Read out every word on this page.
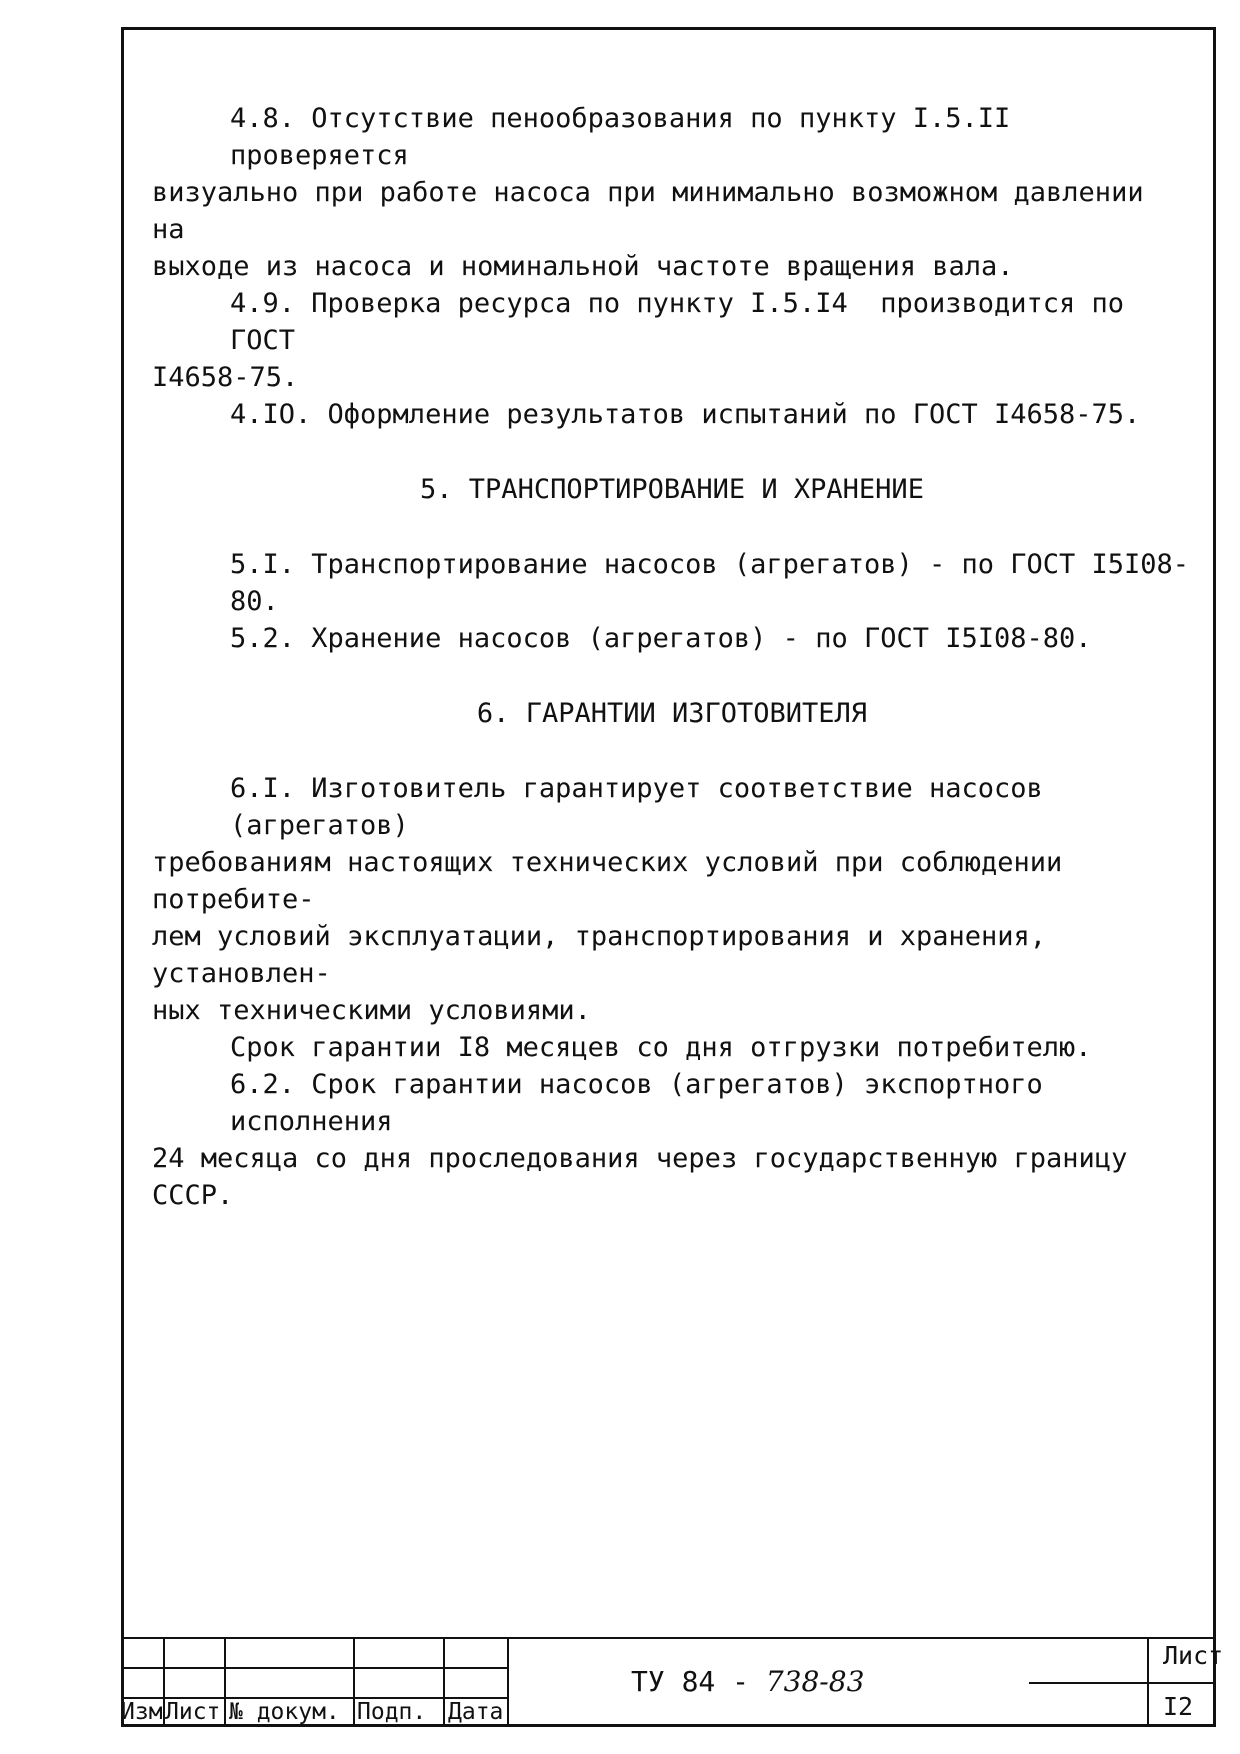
4.8. Отсутствие пенообразования по пункту I.5.II проверяется

визуально при работе насоса при минимально возможном давлении  на

выходе из насоса и номинальной частоте вращения вала.

4.9. Проверка ресурса по пункту I.5.I4  производится по ГОСТ

I4658-75.

4.IO. Оформление результатов испытаний по ГОСТ I4658-75.

5. ТРАНСПОРТИРОВАНИЕ И ХРАНЕНИЕ

5.I. Транспортирование насосов (агрегатов) - по ГОСТ I5I08-80.

5.2. Хранение насосов (агрегатов) - по ГОСТ I5I08-80.

6. ГАРАНТИИ ИЗГОТОВИТЕЛЯ

6.I. Изготовитель гарантирует соответствие насосов (агрегатов)

требованиям настоящих технических условий при соблюдении потребите-

лем условий эксплуатации, транспортирования и хранения, установлен-

ных техническими условиями.

Срок гарантии I8 месяцев со дня отгрузки потребителю.

6.2. Срок гарантии насосов (агрегатов) экспортного исполнения

24 месяца со дня проследования через государственную границу СССР.

Изм Лист № докум. Подп. Дата
ТУ 84 - 738-83
Лист
I2
